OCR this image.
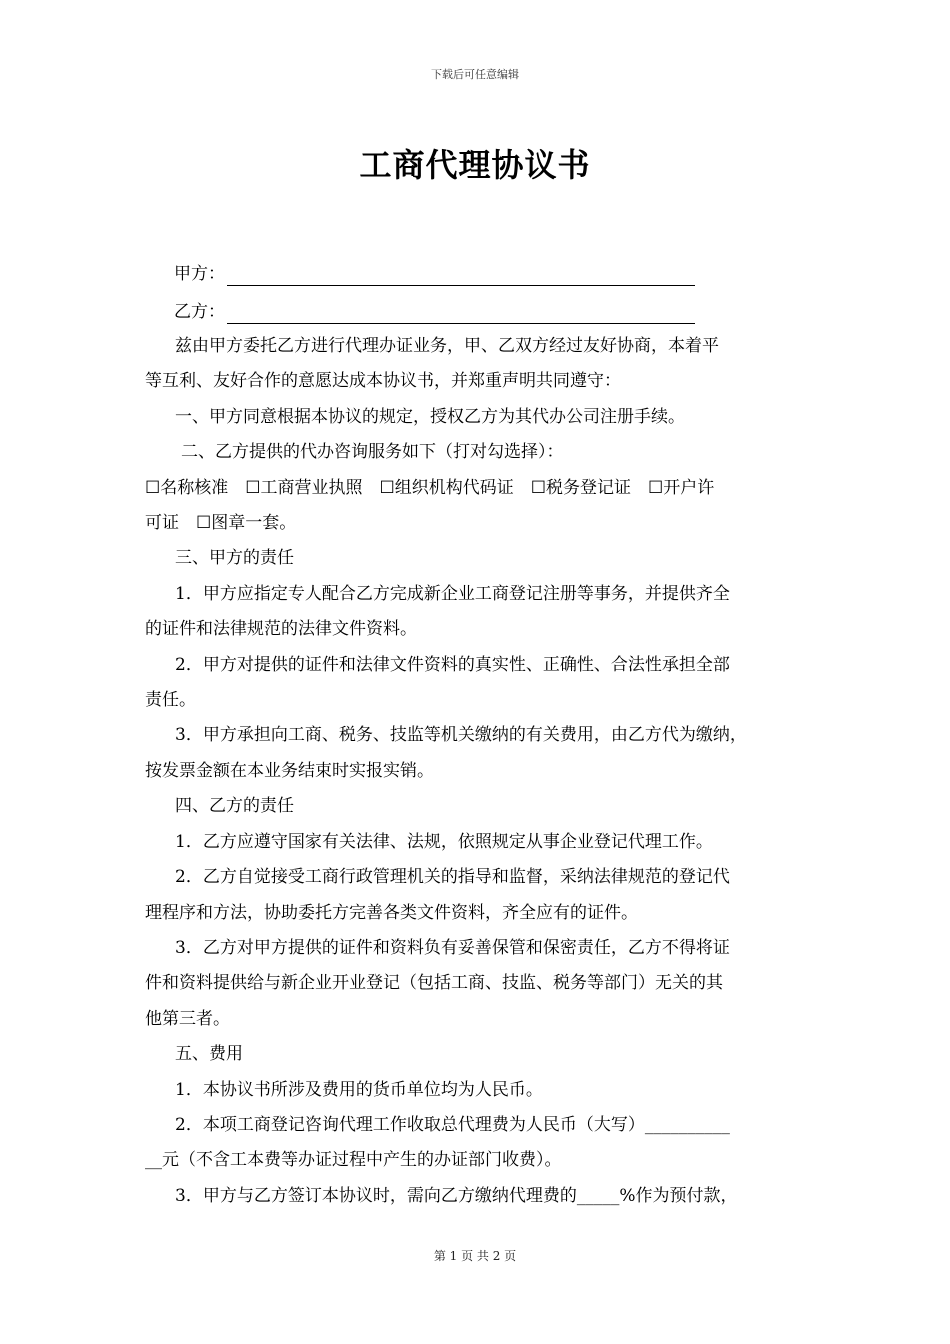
下载后可任意编辑
工商代理协议书
甲方：
乙方：

兹由甲方委托乙方进行代理办证业务，甲、乙双方经过友好协商，本着平

等互利、友好合作的意愿达成本协议书，并郑重声明共同遵守：

一、甲方同意根据本协议的规定，授权乙方为其代办公司注册手续。

二、乙方提供的代办咨询服务如下（打对勾选择）：

☐名称核准　☐工商营业执照　☐组织机构代码证　☐税务登记证　☐开户许

可证　☐图章一套。

三、甲方的责任

1．甲方应指定专人配合乙方完成新企业工商登记注册等事务，并提供齐全

的证件和法律规范的法律文件资料。

2．甲方对提供的证件和法律文件资料的真实性、正确性、合法性承担全部

责任。

3．甲方承担向工商、税务、技监等机关缴纳的有关费用，由乙方代为缴纳，

按发票金额在本业务结束时实报实销。

四、乙方的责任

1．乙方应遵守国家有关法律、法规，依照规定从事企业登记代理工作。

2．乙方自觉接受工商行政管理机关的指导和监督，采纳法律规范的登记代

理程序和方法，协助委托方完善各类文件资料，齐全应有的证件。

3．乙方对甲方提供的证件和资料负有妥善保管和保密责任，乙方不得将证

件和资料提供给与新企业开业登记（包括工商、技监、税务等部门）无关的其

他第三者。

五、费用

1．本协议书所涉及费用的货币单位均为人民币。

2．本项工商登记咨询代理工作收取总代理费为人民币（大写）__________

__元（不含工本费等办证过程中产生的办证部门收费）。

3．甲方与乙方签订本协议时，需向乙方缴纳代理费的_____%作为预付款，

第 1 页 共 2 页
